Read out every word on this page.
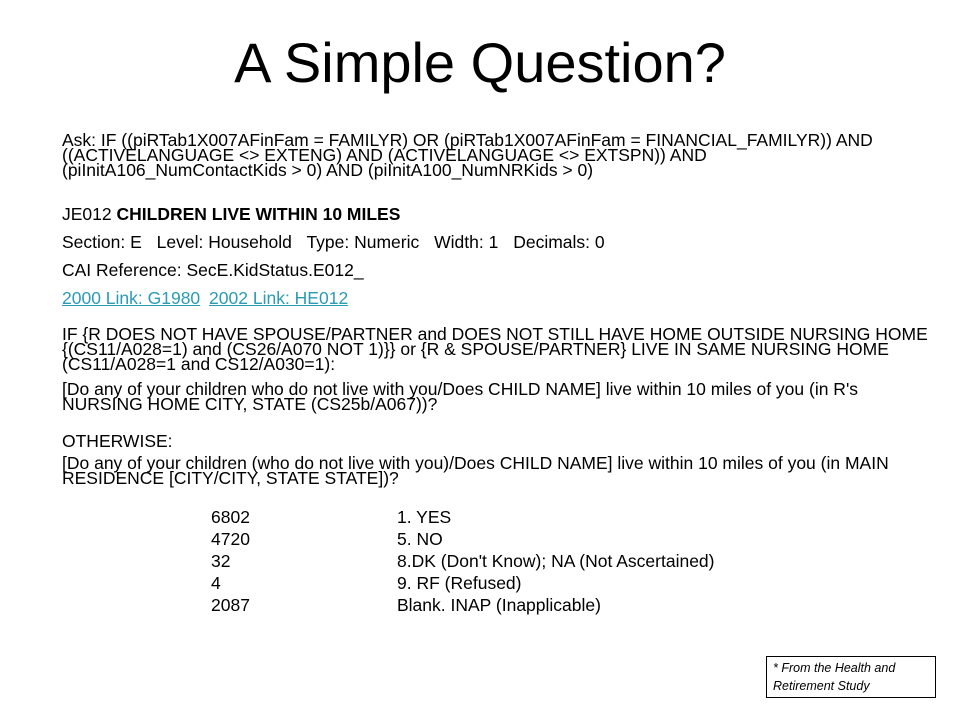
A Simple Question?

Ask: IF ((piRTab1X007AFinFam = FAMILYR) OR (piRTab1X007AFinFam = FINANCIAL_FAMILYR)) AND ((ACTIVELANGUAGE <> EXTENG) AND (ACTIVELANGUAGE <> EXTSPN)) AND (piInitA106_NumContactKids > 0) AND (piInitA100_NumNRKids > 0)

JE012 CHILDREN LIVE WITHIN 10 MILES

Section: E Level: Household Type: Numeric Width: 1 Decimals: 0

CAI Reference: SecE.KidStatus.E012_

2000 Link: G1980 2002 Link: HE012

IF {R DOES NOT HAVE SPOUSE/PARTNER and DOES NOT STILL HAVE HOME OUTSIDE NURSING HOME {(CS11/A028=1) and (CS26/A070 NOT 1)}} or {R & SPOUSE/PARTNER} LIVE IN SAME NURSING HOME (CS11/A028=1 and CS12/A030=1):

[Do any of your children who do not live with you/Does CHILD NAME] live within 10 miles of you (in R's NURSING HOME CITY, STATE (CS25b/A067))?

OTHERWISE:

[Do any of your children (who do not live with you)/Does CHILD NAME] live within 10 miles of you (in MAIN RESIDENCE [CITY/CITY, STATE STATE])?

6802	1. YES
4720	5. NO
32	8.DK (Don't Know); NA (Not Ascertained)
4	9. RF (Refused)
2087	Blank. INAP (Inapplicable)
* From the Health and Retirement Study
